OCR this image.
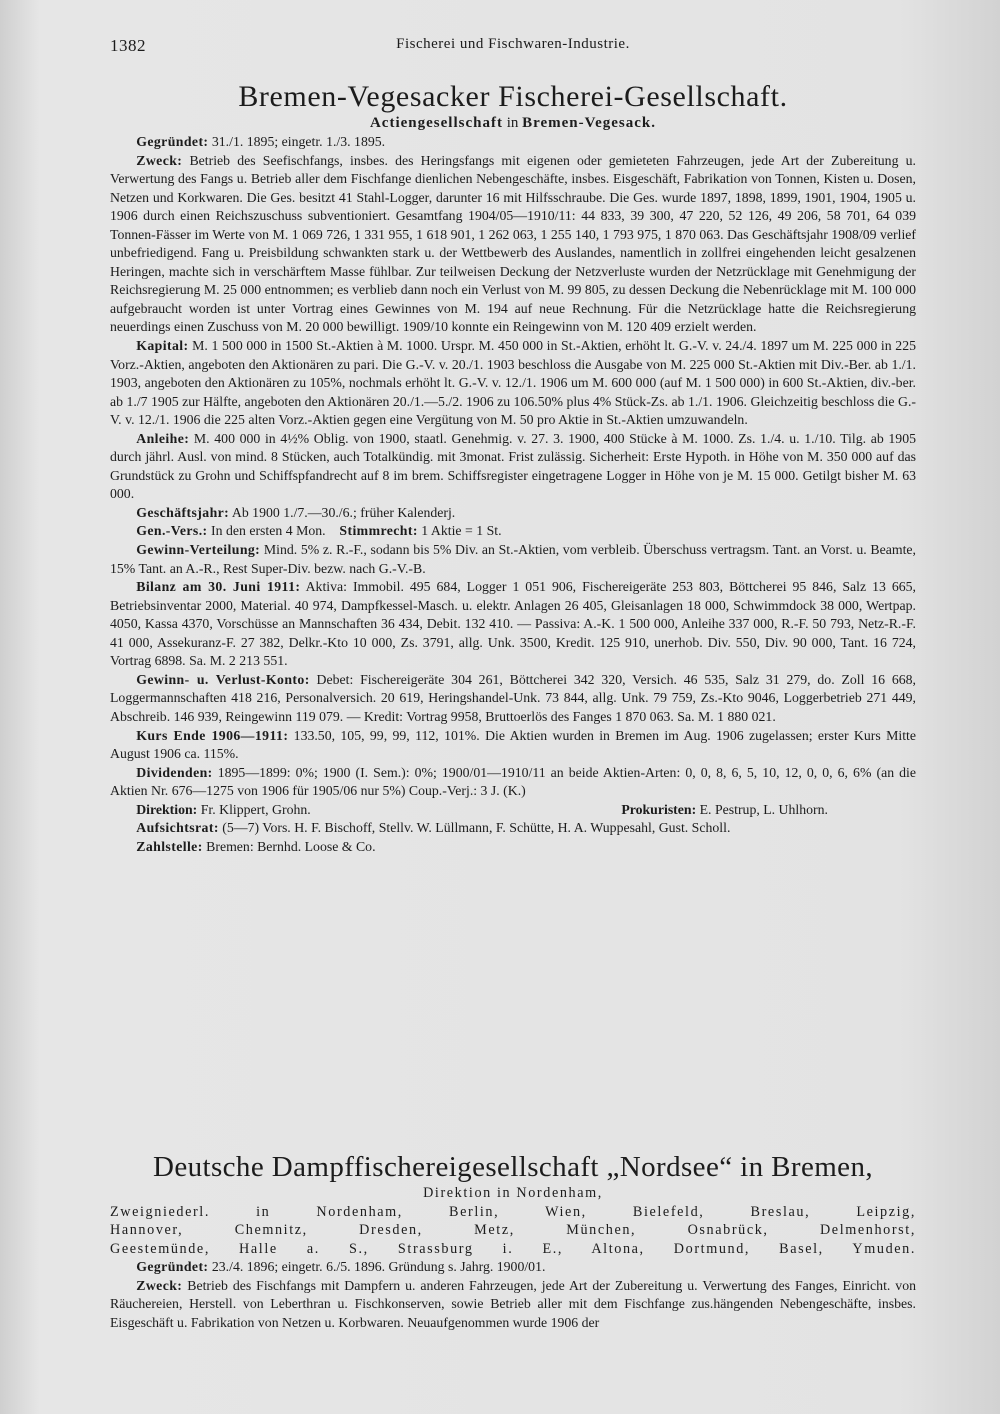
1382	Fischerei und Fischwaren-Industrie.
Bremen-Vegesacker Fischerei-Gesellschaft.
Actiengesellschaft in Bremen-Vegesack.

Gegründet: 31./1. 1895; eingetr. 1./3. 1895.

Zweck: Betrieb des Seefischfangs, insbes. des Heringsfangs mit eigenen oder gemieteten Fahrzeugen, jede Art der Zubereitung u. Verwertung des Fangs u. Betrieb aller dem Fischfange dienlichen Nebengeschäfte, insbes. Eisgeschäft, Fabrikation von Tonnen, Kisten u. Dosen, Netzen und Korkwaren. Die Ges. besitzt 41 Stahl-Logger, darunter 16 mit Hilfsschraube. Die Ges. wurde 1897, 1898, 1899, 1901, 1904, 1905 u. 1906 durch einen Reichszuschuss subventioniert. Gesamtfang 1904/05—1910/11: 44 833, 39 300, 47 220, 52 126, 49 206, 58 701, 64 039 Tonnen-Fässer im Werte von M. 1 069 726, 1 331 955, 1 618 901, 1 262 063, 1 255 140, 1 793 975, 1 870 063. Das Geschäftsjahr 1908/09 verlief unbefriedigend. Fang u. Preisbildung schwankten stark u. der Wettbewerb des Auslandes, namentlich in zollfrei eingehenden leicht gesalzenen Heringen, machte sich in verschärftem Masse fühlbar. Zur teilweisen Deckung der Netzverluste wurden der Netzrücklage mit Genehmigung der Reichsregierung M. 25 000 entnommen; es verblieb dann noch ein Verlust von M. 99 805, zu dessen Deckung die Nebenrücklage mit M. 100 000 aufgebraucht worden ist unter Vortrag eines Gewinnes von M. 194 auf neue Rechnung. Für die Netzrücklage hatte die Reichsregierung neuerdings einen Zuschuss von M. 20 000 bewilligt. 1909/10 konnte ein Reingewinn von M. 120 409 erzielt werden.

Kapital: M. 1 500 000 in 1500 St.-Aktien à M. 1000. Urspr. M. 450 000 in St.-Aktien, erhöht lt. G.-V. v. 24./4. 1897 um M. 225 000 in 225 Vorz.-Aktien, angeboten den Aktionären zu pari. Die G.-V. v. 20./1. 1903 beschloss die Ausgabe von M. 225 000 St.-Aktien mit Div.-Ber. ab 1./1. 1903, angeboten den Aktionären zu 105%, nochmals erhöht lt. G.-V. v. 12./1. 1906 um M. 600 000 (auf M. 1 500 000) in 600 St.-Aktien, div.-ber. ab 1./7 1905 zur Hälfte, angeboten den Aktionären 20./1.—5./2. 1906 zu 106.50% plus 4% Stück-Zs. ab 1./1. 1906. Gleichzeitig beschloss die G.-V. v. 12./1. 1906 die 225 alten Vorz.-Aktien gegen eine Vergütung von M. 50 pro Aktie in St.-Aktien umzuwandeln.

Anleihe: M. 400 000 in 4½% Oblig. von 1900, staatl. Genehmig. v. 27. 3. 1900, 400 Stücke à M. 1000. Zs. 1./4. u. 1./10. Tilg. ab 1905 durch jährl. Ausl. von mind. 8 Stücken, auch Totalkündig. mit 3monat. Frist zulässig. Sicherheit: Erste Hypoth. in Höhe von M. 350 000 auf das Grundstück zu Grohn und Schiffspfandrecht auf 8 im brem. Schiffsregister eingetragene Logger in Höhe von je M. 15 000. Getilgt bisher M. 63 000.

Geschäftsjahr: Ab 1900 1./7.—30./6.; früher Kalenderj.

Gen.-Vers.: In den ersten 4 Mon. Stimmrecht: 1 Aktie = 1 St.

Gewinn-Verteilung: Mind. 5% z. R.-F., sodann bis 5% Div. an St.-Aktien, vom verbleib. Überschuss vertragsm. Tant. an Vorst. u. Beamte, 15% Tant. an A.-R., Rest Super-Div. bezw. nach G.-V.-B.

Bilanz am 30. Juni 1911: Aktiva: Immobil. 495 684, Logger 1 051 906, Fischereigeräte 253 803, Böttcherei 95 846, Salz 13 665, Betriebsinventar 2000, Material. 40 974, Dampfkessel-Masch. u. elektr. Anlagen 26 405, Gleisanlagen 18 000, Schwimmdock 38 000, Wertpap. 4050, Kassa 4370, Vorschüsse an Mannschaften 36 434, Debit. 132 410. — Passiva: A.-K. 1 500 000, Anleihe 337 000, R.-F. 50 793, Netz-R.-F. 41 000, Assekuranz-F. 27 382, Delkr.-Kto 10 000, Zs. 3791, allg. Unk. 3500, Kredit. 125 910, unerhob. Div. 550, Div. 90 000, Tant. 16 724, Vortrag 6898. Sa. M. 2 213 551.

Gewinn- u. Verlust-Konto: Debet: Fischereigeräte 304 261, Böttcherei 342 320, Versich. 46 535, Salz 31 279, do. Zoll 16 668, Loggermannschaften 418 216, Personalversich. 20 619, Heringshandel-Unk. 73 844, allg. Unk. 79 759, Zs.-Kto 9046, Loggerbetrieb 271 449, Abschreib. 146 939, Reingewinn 119 079. — Kredit: Vortrag 9958, Bruttoerlös des Fanges 1 870 063. Sa. M. 1 880 021.

Kurs Ende 1906—1911: 133.50, 105, 99, 99, 112, 101%. Die Aktien wurden in Bremen im Aug. 1906 zugelassen; erster Kurs Mitte August 1906 ca. 115%.

Dividenden: 1895—1899: 0%; 1900 (I. Sem.): 0%; 1900/01—1910/11 an beide Aktien-Arten: 0, 0, 8, 6, 5, 10, 12, 0, 0, 6, 6% (an die Aktien Nr. 676—1275 von 1906 für 1905/06 nur 5%) Coup.-Verj.: 3 J. (K.)

Direktion: Fr. Klippert, Grohn.	Prokuristen: E. Pestrup, L. Uhlhorn.

Aufsichtsrat: (5—7) Vors. H. F. Bischoff, Stellv. W. Lüllmann, F. Schütte, H. A. Wuppesahl, Gust. Scholl.

Zahlstelle: Bremen: Bernhd. Loose & Co.

Deutsche Dampffischereigesellschaft „Nordsee“ in Bremen,
Direktion in Nordenham,
Zweigniederl. in Nordenham, Berlin, Wien, Bielefeld, Breslau, Leipzig,
Hannover, Chemnitz, Dresden, Metz, München, Osnabrück, Delmenhorst,
Geestemünde, Halle a. S., Strassburg i. E., Altona, Dortmund, Basel, Ymuden.

Gegründet: 23./4. 1896; eingetr. 6./5. 1896. Gründung s. Jahrg. 1900/01.

Zweck: Betrieb des Fischfangs mit Dampfern u. anderen Fahrzeugen, jede Art der Zubereitung u. Verwertung des Fanges, Einricht. von Räuchereien, Herstell. von Leberthran u. Fischkonserven, sowie Betrieb aller mit dem Fischfange zus.hängenden Nebengeschäfte, insbes. Eisgeschäft u. Fabrikation von Netzen u. Korbwaren. Neuaufgenommen wurde 1906 der
